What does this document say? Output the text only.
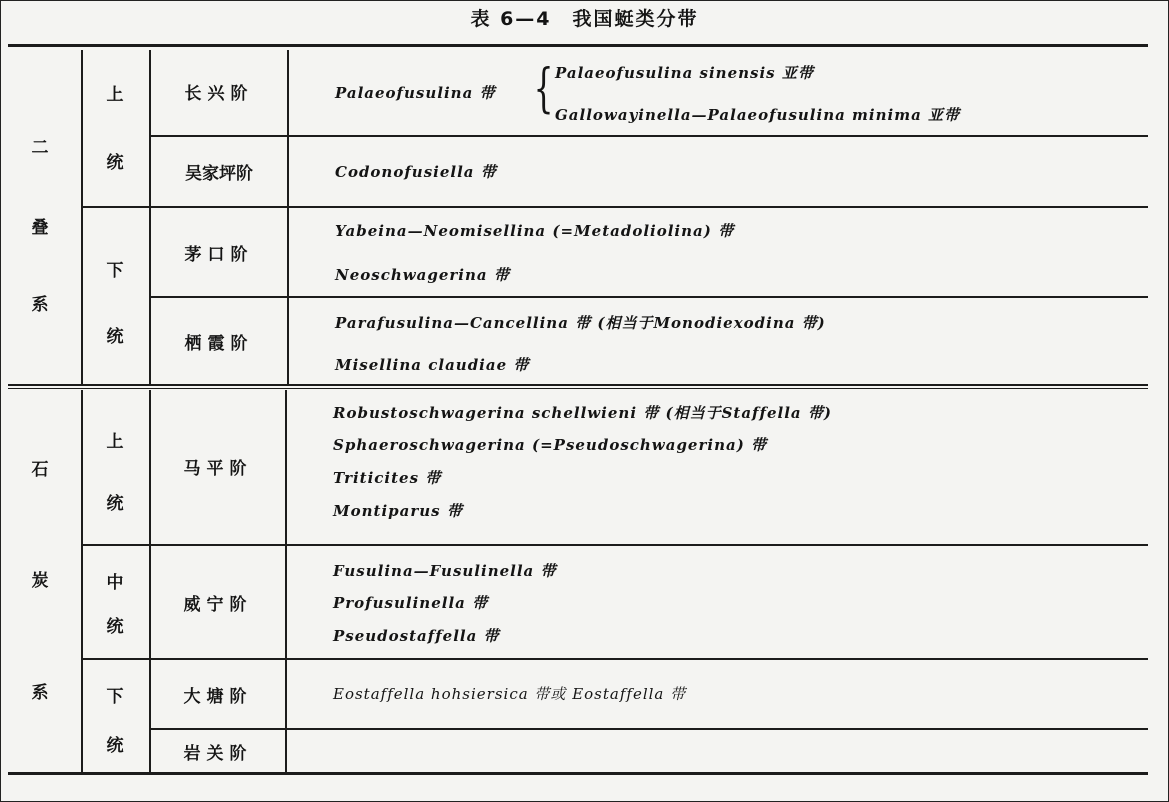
表 6—4　我国蜓类分带
二
叠
系
石
炭
系
上
统
下
统
上
统
中
统
下
统
长兴阶
吴家坪阶
茅口阶
栖霞阶
马平阶
威宁阶
大塘阶
岩关阶
Palaeofusulina 带 { Palaeofusulina sinensis 亚带
Gallowayinella—Palaeofusulina minima 亚带
Codonofusiella 带
Yabeina—Neomisellina (=Metadoliolina) 带
Neoschwagerina 带
Parafusulina—Cancellina 带 (相当于Monodiexodina 带)
Misellina claudiae 带
Robustoschwagerina schellwieni 带 (相当于Staffella 带)
Sphaeroschwagerina (=Pseudoschwagerina) 带
Triticites 带
Montiparus 带
Fusulina—Fusulinella 带
Profusulinella 带
Pseudostaffella 带
Eostaffella hohsiersica 带或 Eostaffella 带
